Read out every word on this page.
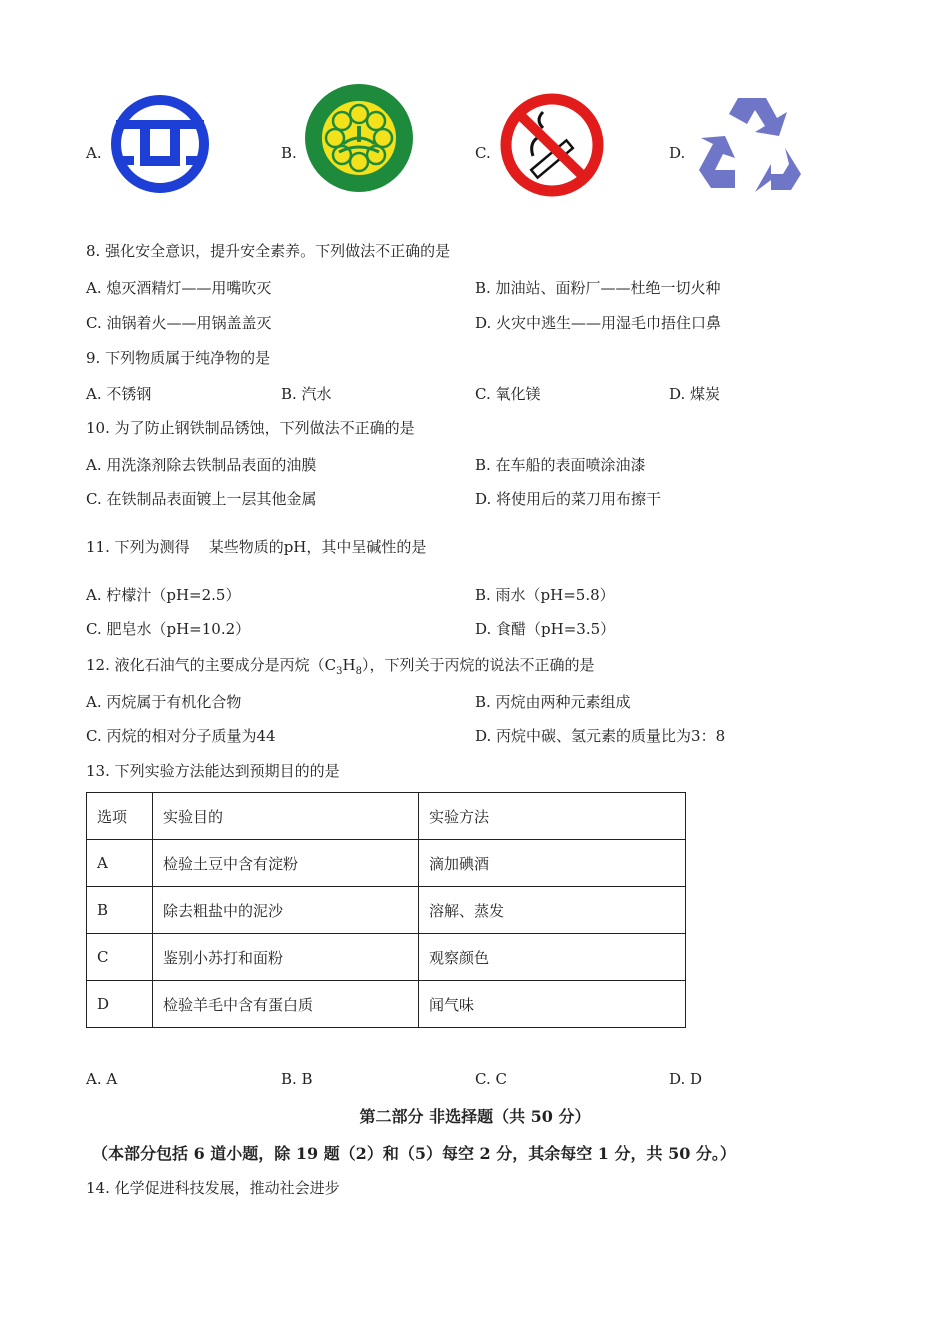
A.	B.	C.	D.
8. 强化安全意识，提升安全素养。下列做法不正确的是
A. 熄灭酒精灯——用嘴吹灭	B. 加油站、面粉厂——杜绝一切火种
C. 油锅着火——用锅盖盖灭	D. 火灾中逃生——用湿毛巾捂住口鼻
9. 下列物质属于纯净物的是
A. 不锈钢	B. 汽水	C. 氧化镁	D. 煤炭
10. 为了防止钢铁制品锈蚀，下列做法不正确的是
A. 用洗涤剂除去铁制品表面的油膜	B. 在车船的表面喷涂油漆
C. 在铁制品表面镀上一层其他金属	D. 将使用后的菜刀用布擦干
11. 下列为测得    某些物质的pH，其中呈碱性的是
A. 柠檬汁（pH=2.5）	B. 雨水（pH=5.8）
C. 肥皂水（pH=10.2）	D. 食醋（pH=3.5）
12. 液化石油气的主要成分是丙烷$(C_3H_8)$，下列关于丙烷的说法不正确的是
A. 丙烷属于有机化合物	B. 丙烷由两种元素组成
C. 丙烷的相对分子质量为44	D. 丙烷中碳、氢元素的质量比为3：8
13. 下列实验方法能达到预期目的的是
选项	实验目的	实验方法
A	检验土豆中含有淀粉	滴加碘酒
B	除去粗盐中的泥沙	溶解、蒸发
C	鉴别小苏打和面粉	观察颜色
D	检验羊毛中含有蛋白质	闻气味
A. A	B. B	C. C	D. D
第二部分 非选择题（共 50 分）
（本部分包括 6 道小题，除 19 题（2）和（5）每空 2 分，其余每空 1 分，共 50 分。）
14. 化学促进科技发展，推动社会进步
